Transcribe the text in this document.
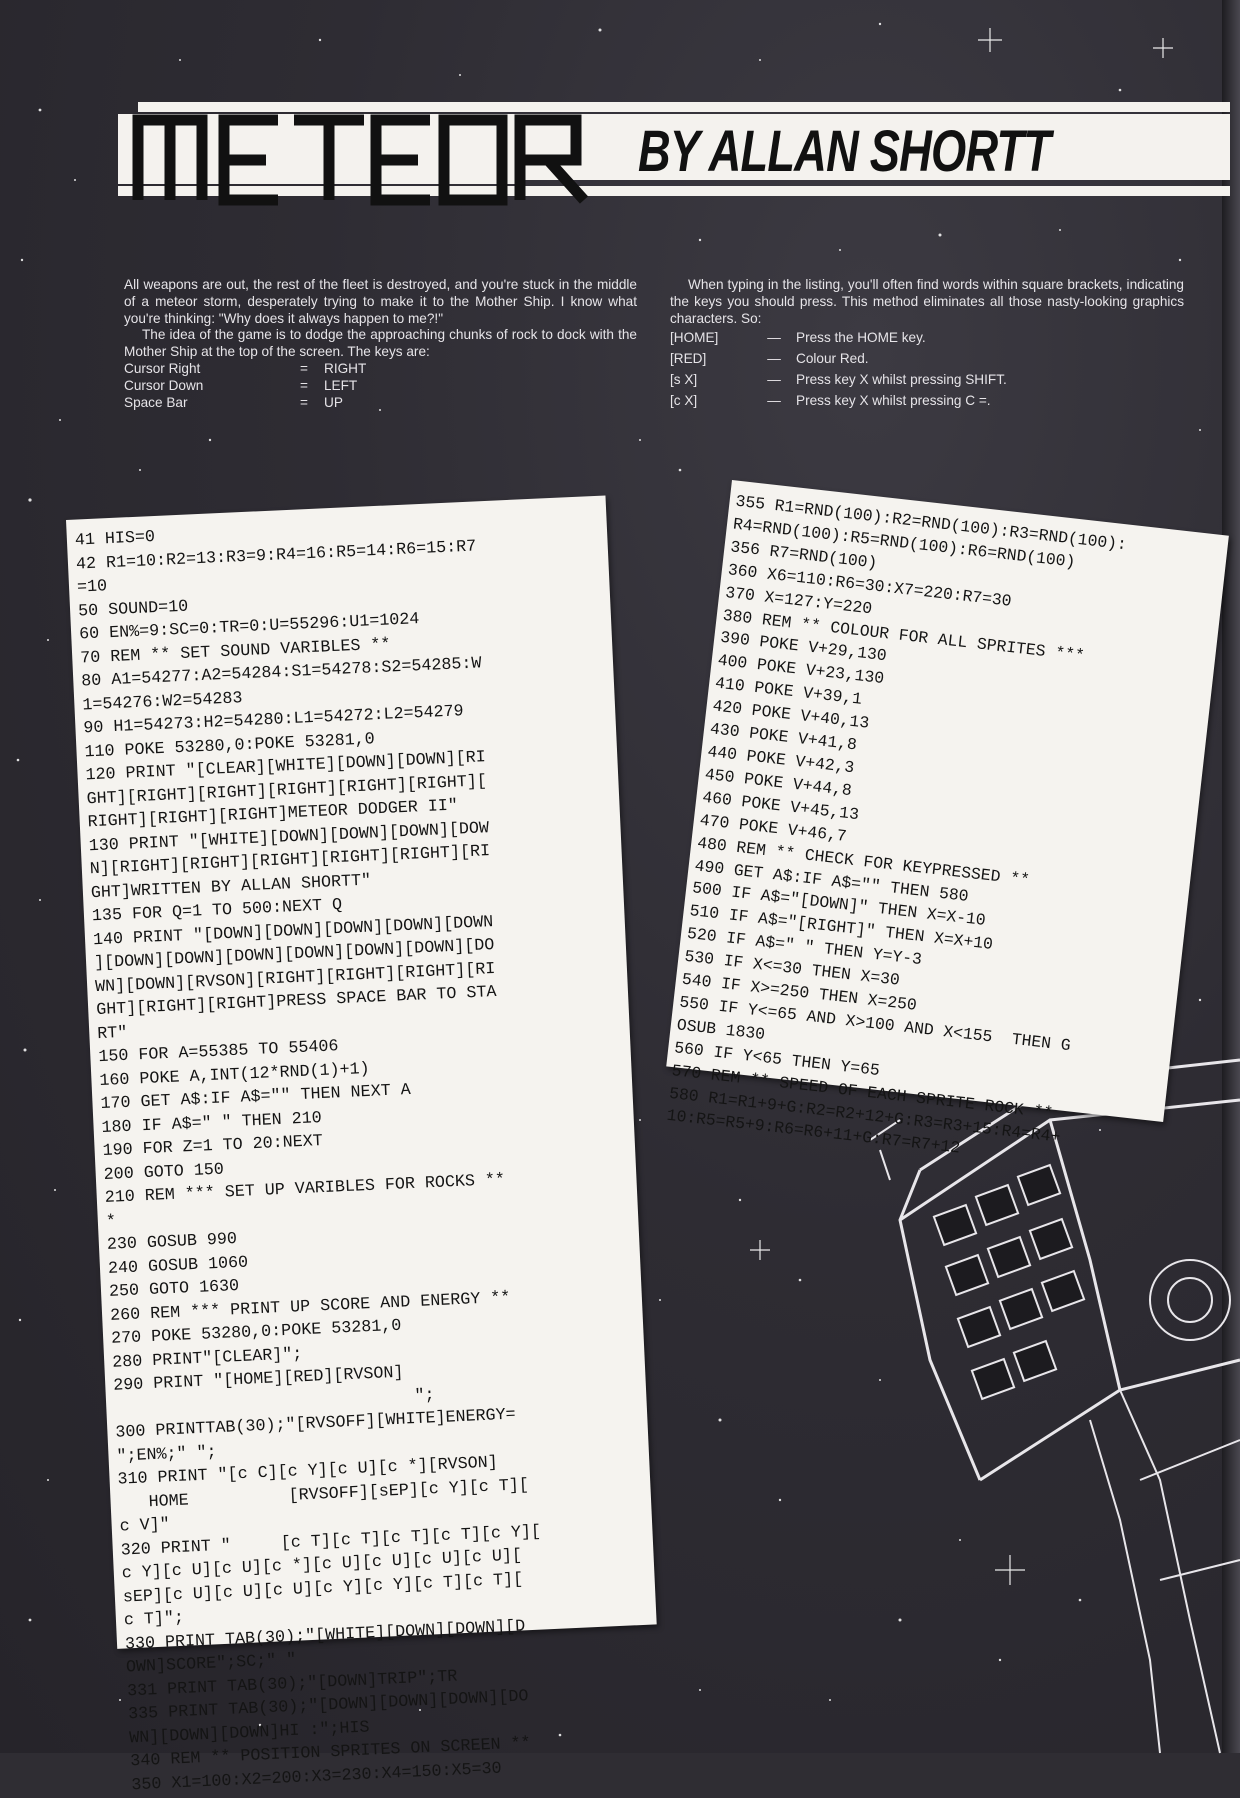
BY ALLAN SHORTT

All weapons are out, the rest of the fleet is destroyed, and you're stuck in the middle of a meteor storm, desperately trying to make it to the Mother Ship. I know what you're thinking: "Why does it always happen to me?!"

The idea of the game is to dodge the approaching chunks of rock to dock with the Mother Ship at the top of the screen. The keys are:

Cursor Right	=	RIGHT
Cursor Down	=	LEFT
Space Bar	=	UP

When typing in the listing, you'll often find words within square brackets, indicating the keys you should press. This method eliminates all those nasty-looking graphics characters. So:

[HOME]	—	Press the HOME key.
[RED]	—	Colour Red.
[s X]	—	Press key X whilst pressing SHIFT.
[c X]	—	Press key X whilst pressing C =.
41 HIS=0
42 R1=10:R2=13:R3=9:R4=16:R5=14:R6=15:R7
=10
50 SOUND=10
60 EN%=9:SC=0:TR=0:U=55296:U1=1024
70 REM ** SET SOUND VARIBLES **
80 A1=54277:A2=54284:S1=54278:S2=54285:W
1=54276:W2=54283
90 H1=54273:H2=54280:L1=54272:L2=54279
110 POKE 53280,0:POKE 53281,0
120 PRINT "[CLEAR][WHITE][DOWN][DOWN][RI
GHT][RIGHT][RIGHT][RIGHT][RIGHT][RIGHT][
RIGHT][RIGHT][RIGHT]METEOR DODGER II"
130 PRINT "[WHITE][DOWN][DOWN][DOWN][DOW
N][RIGHT][RIGHT][RIGHT][RIGHT][RIGHT][RI
GHT]WRITTEN BY ALLAN SHORTT"
135 FOR Q=1 TO 500:NEXT Q
140 PRINT "[DOWN][DOWN][DOWN][DOWN][DOWN
][DOWN][DOWN][DOWN][DOWN][DOWN][DOWN][DO
WN][DOWN][RVSON][RIGHT][RIGHT][RIGHT][RI
GHT][RIGHT][RIGHT]PRESS SPACE BAR TO STA
RT"
150 FOR A=55385 TO 55406
160 POKE A,INT(12*RND(1)+1)
170 GET A$:IF A$="" THEN NEXT A
180 IF A$=" " THEN 210
190 FOR Z=1 TO 20:NEXT
200 GOTO 150
210 REM *** SET UP VARIBLES FOR ROCKS **
*
230 GOSUB 990
240 GOSUB 1060
250 GOTO 1630
260 REM *** PRINT UP SCORE AND ENERGY **
270 POKE 53280,0:POKE 53281,0
280 PRINT"[CLEAR]";
290 PRINT "[HOME][RED][RVSON]
";
300 PRINTTAB(30);"[RVSOFF][WHITE]ENERGY=
";EN%;" ";
310 PRINT "[c C][c Y][c U][c *][RVSON]
HOME          [RVSOFF][sEP][c Y][c T][
c V]"
320 PRINT "     [c T][c T][c T][c T][c Y][
c Y][c U][c U][c *][c U][c U][c U][c U][
sEP][c U][c U][c U][c Y][c Y][c T][c T][
c T]";
330 PRINT TAB(30);"[WHITE][DOWN][DOWN][D
OWN]SCORE";SC;" "
331 PRINT TAB(30);"[DOWN]TRIP";TR
335 PRINT TAB(30);"[DOWN][DOWN][DOWN][DO
WN][DOWN][DOWN]HI :";HIS
340 REM ** POSITION SPRITES ON SCREEN **
350 X1=100:X2=200:X3=230:X4=150:X5=30
355 R1=RND(100):R2=RND(100):R3=RND(100):
R4=RND(100):R5=RND(100):R6=RND(100)
356 R7=RND(100)
360 X6=110:R6=30:X7=220:R7=30
370 X=127:Y=220
380 REM ** COLOUR FOR ALL SPRITES ***
390 POKE V+29,130
400 POKE V+23,130
410 POKE V+39,1
420 POKE V+40,13
430 POKE V+41,8
440 POKE V+42,3
450 POKE V+44,8
460 POKE V+45,13
470 POKE V+46,7
480 REM ** CHECK FOR KEYPRESSED **
490 GET A$:IF A$="" THEN 580
500 IF A$="[DOWN]" THEN X=X-10
510 IF A$="[RIGHT]" THEN X=X+10
520 IF A$=" " THEN Y=Y-3
530 IF X<=30 THEN X=30
540 IF X>=250 THEN X=250
550 IF Y<=65 AND X>100 AND X<155  THEN G
OSUB 1830
560 IF Y<65 THEN Y=65
570 REM ** SPEED OF EACH SPRITE ROCK **
580 R1=R1+9+G:R2=R2+12+G:R3=R3+15:R4=R4+
10:R5=R5+9:R6=R6+11+G:R7=R7+12
